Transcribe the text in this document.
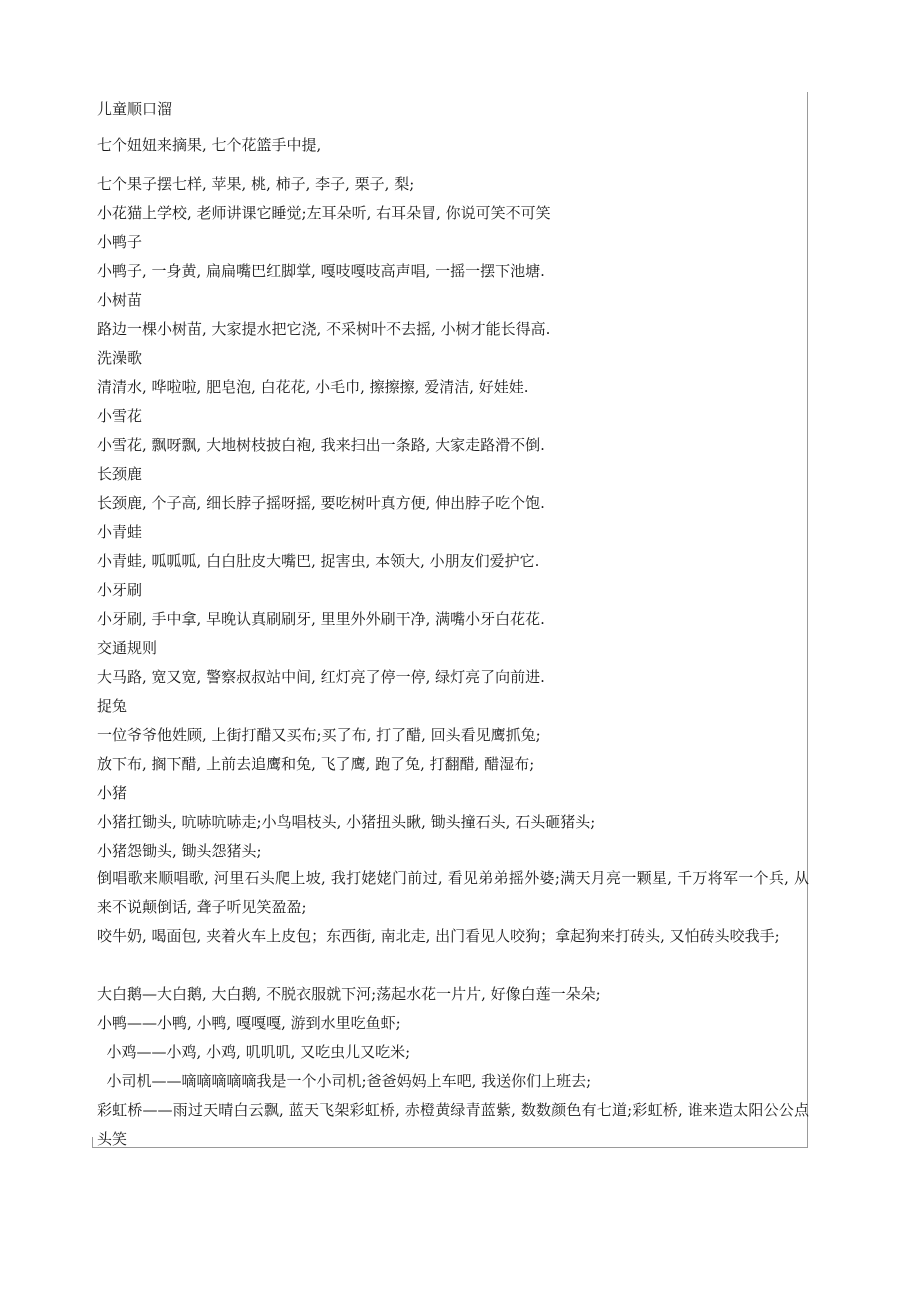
儿童顺口溜
七个妞妞来摘果, 七个花篮手中提,
七个果子摆七样, 苹果, 桃, 柿子, 李子, 栗子, 梨;
小花猫上学校, 老师讲课它睡觉;左耳朵听, 右耳朵冒, 你说可笑不可笑
小鸭子
小鸭子, 一身黄, 扁扁嘴巴红脚掌, 嘎吱嘎吱高声唱, 一摇一摆下池塘.
小树苗
路边一棵小树苗, 大家提水把它浇, 不采树叶不去摇, 小树才能长得高.
洗澡歌
清清水, 哗啦啦, 肥皂泡, 白花花, 小毛巾, 擦擦擦, 爱清洁, 好娃娃.
小雪花
小雪花, 飘呀飘, 大地树枝披白袍, 我来扫出一条路, 大家走路滑不倒.
长颈鹿
长颈鹿, 个子高, 细长脖子摇呀摇, 要吃树叶真方便, 伸出脖子吃个饱.
小青蛙
小青蛙, 呱呱呱, 白白肚皮大嘴巴, 捉害虫, 本领大, 小朋友们爱护它.
小牙刷
小牙刷, 手中拿, 早晚认真刷刷牙, 里里外外刷干净, 满嘴小牙白花花.
交通规则
大马路, 宽又宽, 警察叔叔站中间, 红灯亮了停一停, 绿灯亮了向前进.
捉兔
一位爷爷他姓顾, 上街打醋又买布;买了布, 打了醋, 回头看见鹰抓兔;
放下布, 搁下醋, 上前去追鹰和兔, 飞了鹰, 跑了兔, 打翻醋, 醋湿布;
小猪
小猪扛锄头, 吭哧吭哧走;小鸟唱枝头, 小猪扭头瞅, 锄头撞石头, 石头砸猪头;
小猪怨锄头, 锄头怨猪头;
倒唱歌来顺唱歌, 河里石头爬上坡, 我打姥姥门前过, 看见弟弟摇外婆;满天月亮一颗星, 千万将军一个兵, 从来不说颠倒话, 聋子听见笑盈盈;
咬牛奶, 喝面包, 夹着火车上皮包；东西街, 南北走, 出门看见人咬狗；拿起狗来打砖头, 又怕砖头咬我手;
大白鹅—大白鹅, 大白鹅, 不脱衣服就下河;荡起水花一片片, 好像白莲一朵朵;
小鸭——小鸭, 小鸭, 嘎嘎嘎, 游到水里吃鱼虾;
小鸡——小鸡, 小鸡, 叽叽叽, 又吃虫儿又吃米;
小司机——嘀嘀嘀嘀嘀我是一个小司机;爸爸妈妈上车吧, 我送你们上班去;
彩虹桥——雨过天晴白云飘, 蓝天飞架彩虹桥, 赤橙黄绿青蓝紫, 数数颜色有七道;彩虹桥, 谁来造太阳公公点头笑
